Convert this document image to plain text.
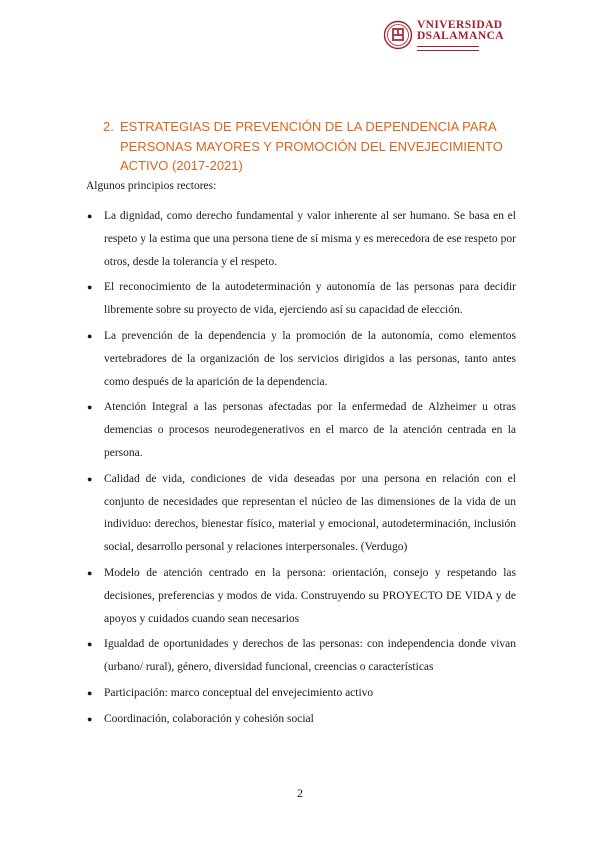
VNIVERSIDAD
DSALAMANCA
2. ESTRATEGIAS DE PREVENCIÓN DE LA DEPENDENCIA PARA PERSONAS MAYORES Y PROMOCIÓN DEL ENVEJECIMIENTO ACTIVO (2017-2021)
Algunos principios rectores:
●	La dignidad, como derecho fundamental y valor inherente al ser humano. Se basa en el respeto y la estima que una persona tiene de sí misma y es merecedora de ese respeto por otros, desde la tolerancia y el respeto.
●	El reconocimiento de la autodeterminación y autonomía de las personas para decidir libremente sobre su proyecto de vida, ejerciendo así su capacidad de elección.
●	La prevención de la dependencia y la promoción de la autonomía, como elementos vertebradores de la organización de los servicios dirigidos a las personas, tanto antes como después de la aparición de la dependencia.
●	Atención Integral a las personas afectadas por la enfermedad de Alzheimer u otras demencias o procesos neurodegenerativos en el marco de la atención centrada en la persona.
●	Calidad de vida, condiciones de vida deseadas por una persona en relación con el conjunto de necesidades que representan el núcleo de las dimensiones de la vida de un individuo: derechos, bienestar físico, material y emocional, autodeterminación, inclusión social, desarrollo personal y relaciones interpersonales. (Verdugo)
●	Modelo de atención centrado en la persona: orientación, consejo y respetando las decisiones, preferencias y modos de vida. Construyendo su PROYECTO DE VIDA y de apoyos y cuidados cuando sean necesarios
●	Igualdad de oportunidades y derechos de las personas: con independencia donde vivan (urbano/ rural), género, diversidad funcional, creencias o características
●	Participación: marco conceptual del envejecimiento activo
●	Coordinación, colaboración y cohesión social
2
